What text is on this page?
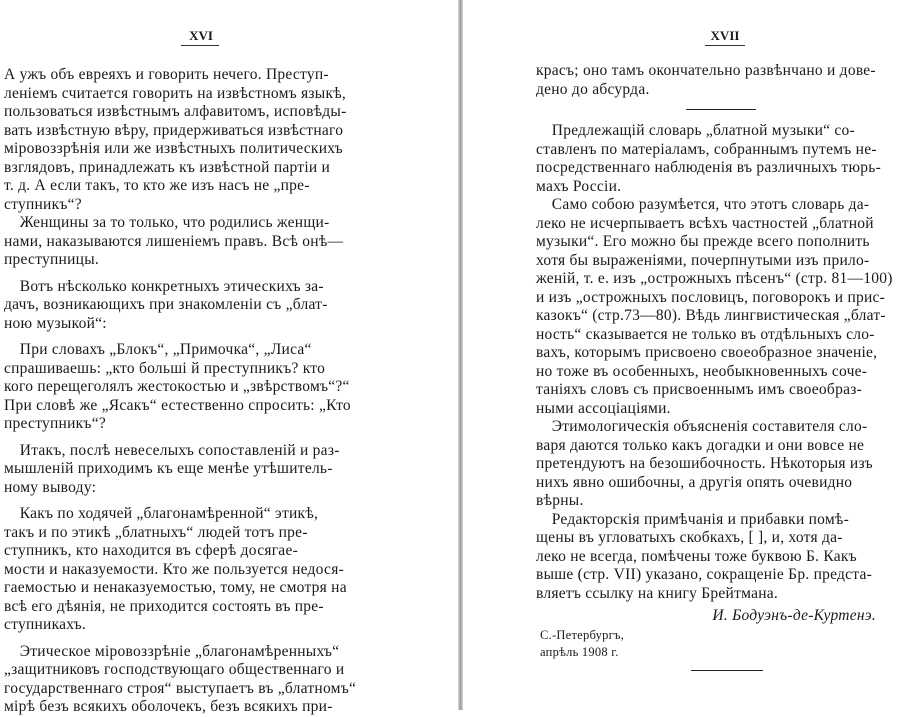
XVI
А ужъ объ евреяхъ и говорить нечего. Преступ-
леніемъ считается говорить на извѣстномъ языкѣ,
пользоваться извѣстнымъ алфавитомъ, исповѣды-
вать извѣстную вѣру, придерживаться извѣстнаго
міровоззрѣнія или же извѣстныхъ политическихъ
взглядовъ, принадлежать къ извѣстной партіи и
т. д. А если такъ, то кто же изъ насъ не „пре-
ступникъ“?
 Женщины за то только, что родились женщи-
нами, наказываются лишеніемъ правъ. Всѣ онѣ—
преступницы.
 Вотъ нѣсколько конкретныхъ этическихъ за-
дачъ, возникающихъ при знакомленіи съ „блат-
ною музыкой“:
 При словахъ „Блокъ“, „Примочка“, „Лиса“
спрашиваешь: „кто больші й преступникъ? кто
кого перещеголялъ жестокостью и „звѣрствомъ“?“
При словѣ же „Ясакъ“ естественно спросить: „Кто
преступникъ“?
 Итакъ, послѣ невеселыхъ сопоставленій и раз-
мышленій приходимъ къ еще менѣе утѣшитель-
ному выводу:
 Какъ по ходячей „благонамѣренной“ этикѣ,
такъ и по этикѣ „блатныхъ“ людей тотъ пре-
ступникъ, кто находится въ сферѣ досягае-
мости и наказуемости. Кто же пользуется недося-
гаемостью и ненаказуемостью, тому, не смотря на
всѣ его дѣянія, не приходится состоять въ пре-
ступникахъ.
 Этическое міровоззрѣніе „благонамѣренныхъ“
„защитниковъ господствующаго общественнаго и
государственнаго строя“ выступаетъ въ „блатномъ“
мірѣ безъ всякихъ оболочекъ, безъ всякихъ при-
XVII
красъ; оно тамъ окончательно развѣнчано и дове-
дено до абсурда.
 Предлежащій словарь „блатной музыки“ со-
ставленъ по матеріаламъ, собраннымъ путемъ не-
посредственнаго наблюденія въ различныхъ тюрь-
махъ Россіи.
 Само собою разумѣется, что этотъ словарь да-
леко не исчерпываетъ всѣхъ частностей „блатной
музыки“. Его можно бы прежде всего пополнить
хотя бы выраженіями, почерпнутыми изъ прило-
женій, т. е. изъ „острожныхъ пѣсенъ“ (стр. 81—100)
и изъ „острожныхъ пословицъ, поговорокъ и прис-
казокъ“ (стр.73—80). Вѣдь лингвистическая „блат-
ность“ сказывается не только въ отдѣльныхъ сло-
вахъ, которымъ присвоено своеобразное значеніе,
но тоже въ особенныхъ, необыкновенныхъ соче-
таніяхъ словъ съ присвоеннымъ имъ своеобраз-
ными ассоціаціями.
 Этимологическія объясненія составителя сло-
варя даются только какъ догадки и они вовсе не
претендуютъ на безошибочность. Нѣкоторыя изъ
нихъ явно ошибочны, а другія опять очевидно
вѣрны.
 Редакторскія примѣчанія и прибавки помѣ-
щены въ угловатыхъ скобкахъ, [ ], и, хотя да-
леко не всегда, помѣчены тоже буквою Б. Какъ
выше (стр. VII) указано, сокращеніе Бр. предста-
вляетъ ссылку на книгу Брейтмана.
И. Бодуэнъ-де-Куртенэ.
С.-Петербургъ,
апрѣль 1908 г.
